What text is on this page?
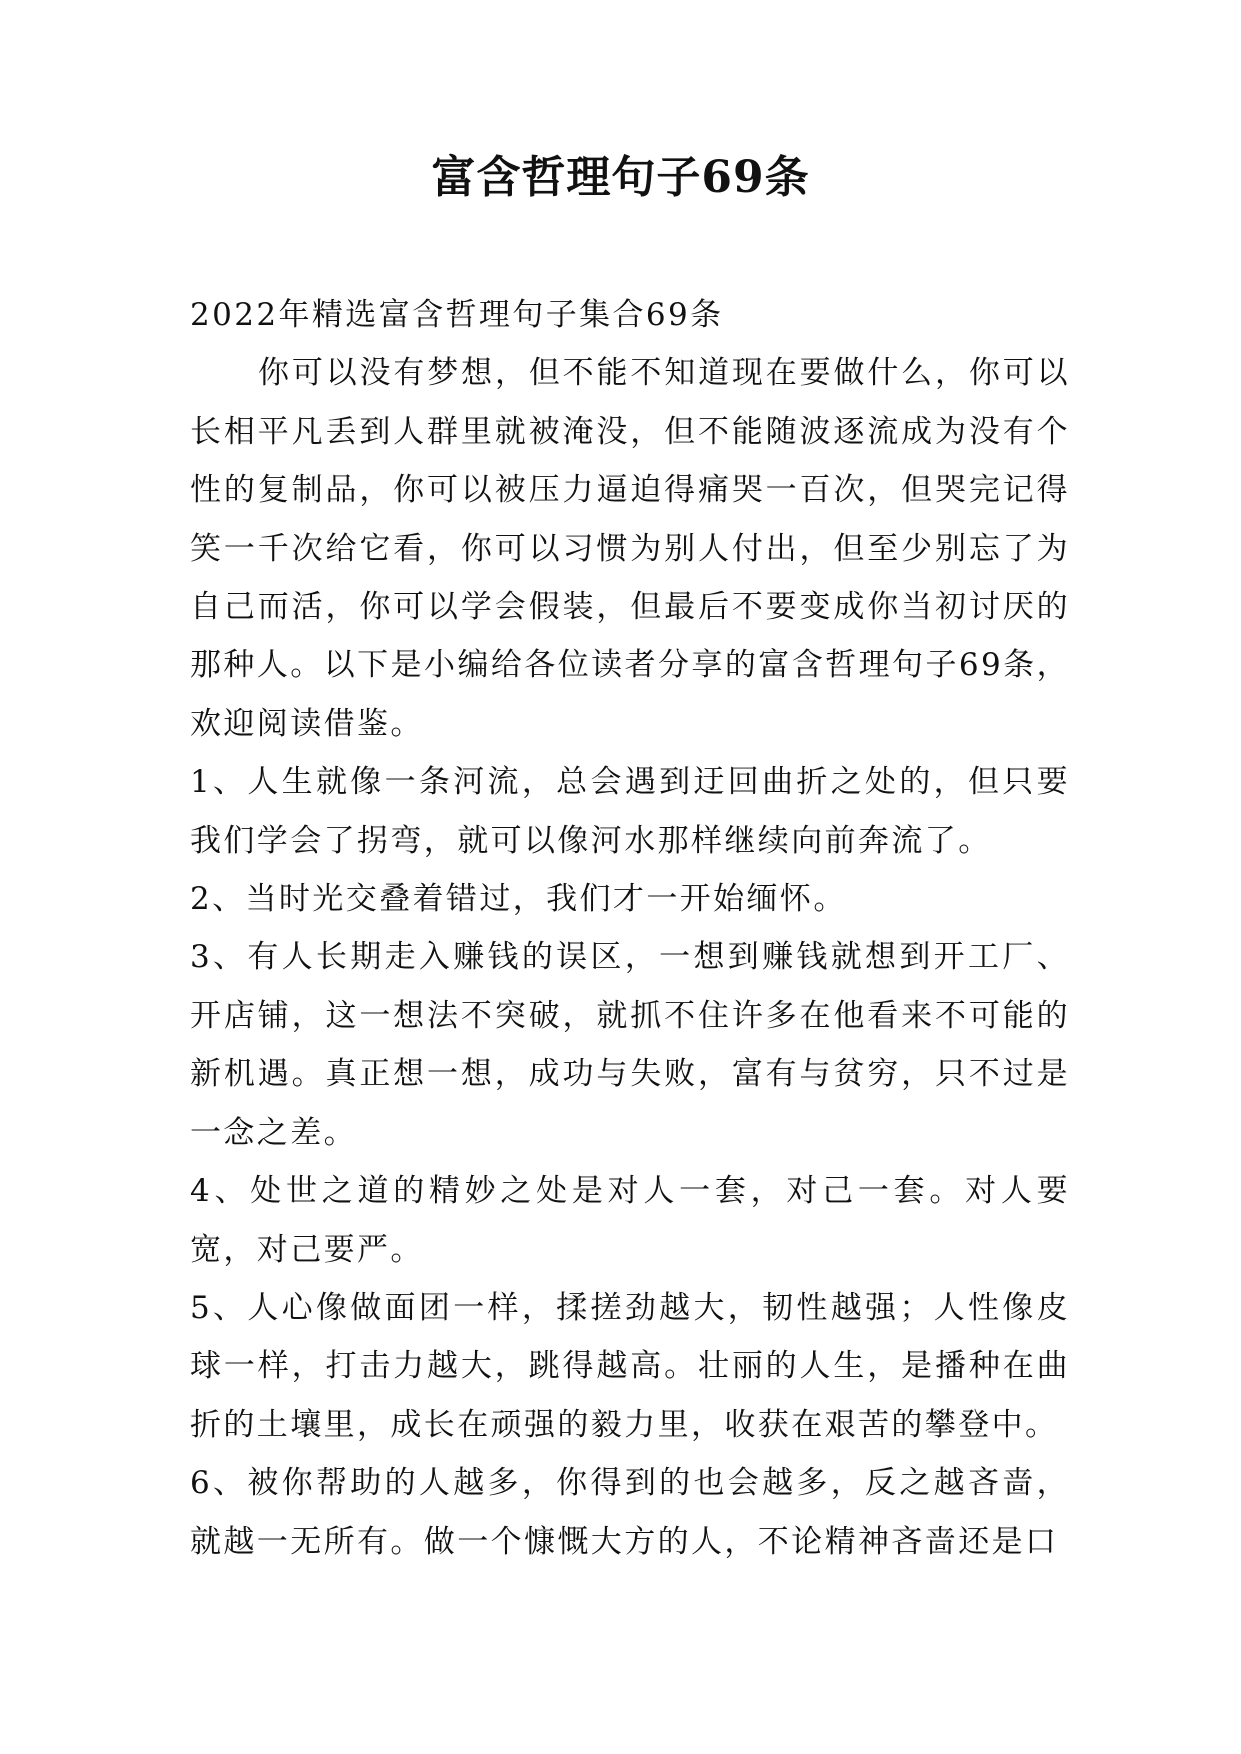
富含哲理句子69条

2022年精选富含哲理句子集合69条

你可以没有梦想，但不能不知道现在要做什么，你可以长相平凡丢到人群里就被淹没，但不能随波逐流成为没有个性的复制品，你可以被压力逼迫得痛哭一百次，但哭完记得笑一千次给它看，你可以习惯为别人付出，但至少别忘了为自己而活，你可以学会假装，但最后不要变成你当初讨厌的那种人。以下是小编给各位读者分享的富含哲理句子69条，欢迎阅读借鉴。

1、人生就像一条河流，总会遇到迂回曲折之处的，但只要我们学会了拐弯，就可以像河水那样继续向前奔流了。

2、当时光交叠着错过，我们才一开始缅怀。

3、有人长期走入赚钱的误区，一想到赚钱就想到开工厂、开店铺，这一想法不突破，就抓不住许多在他看来不可能的新机遇。真正想一想，成功与失败，富有与贫穷，只不过是一念之差。

4、处世之道的精妙之处是对人一套，对己一套。对人要宽，对己要严。

5、人心像做面团一样，揉搓劲越大，韧性越强；人性像皮球一样，打击力越大，跳得越高。壮丽的人生，是播种在曲折的土壤里，成长在顽强的毅力里，收获在艰苦的攀登中。

6、被你帮助的人越多，你得到的也会越多，反之越吝啬，就越一无所有。做一个慷慨大方的人，不论精神吝啬还是口
